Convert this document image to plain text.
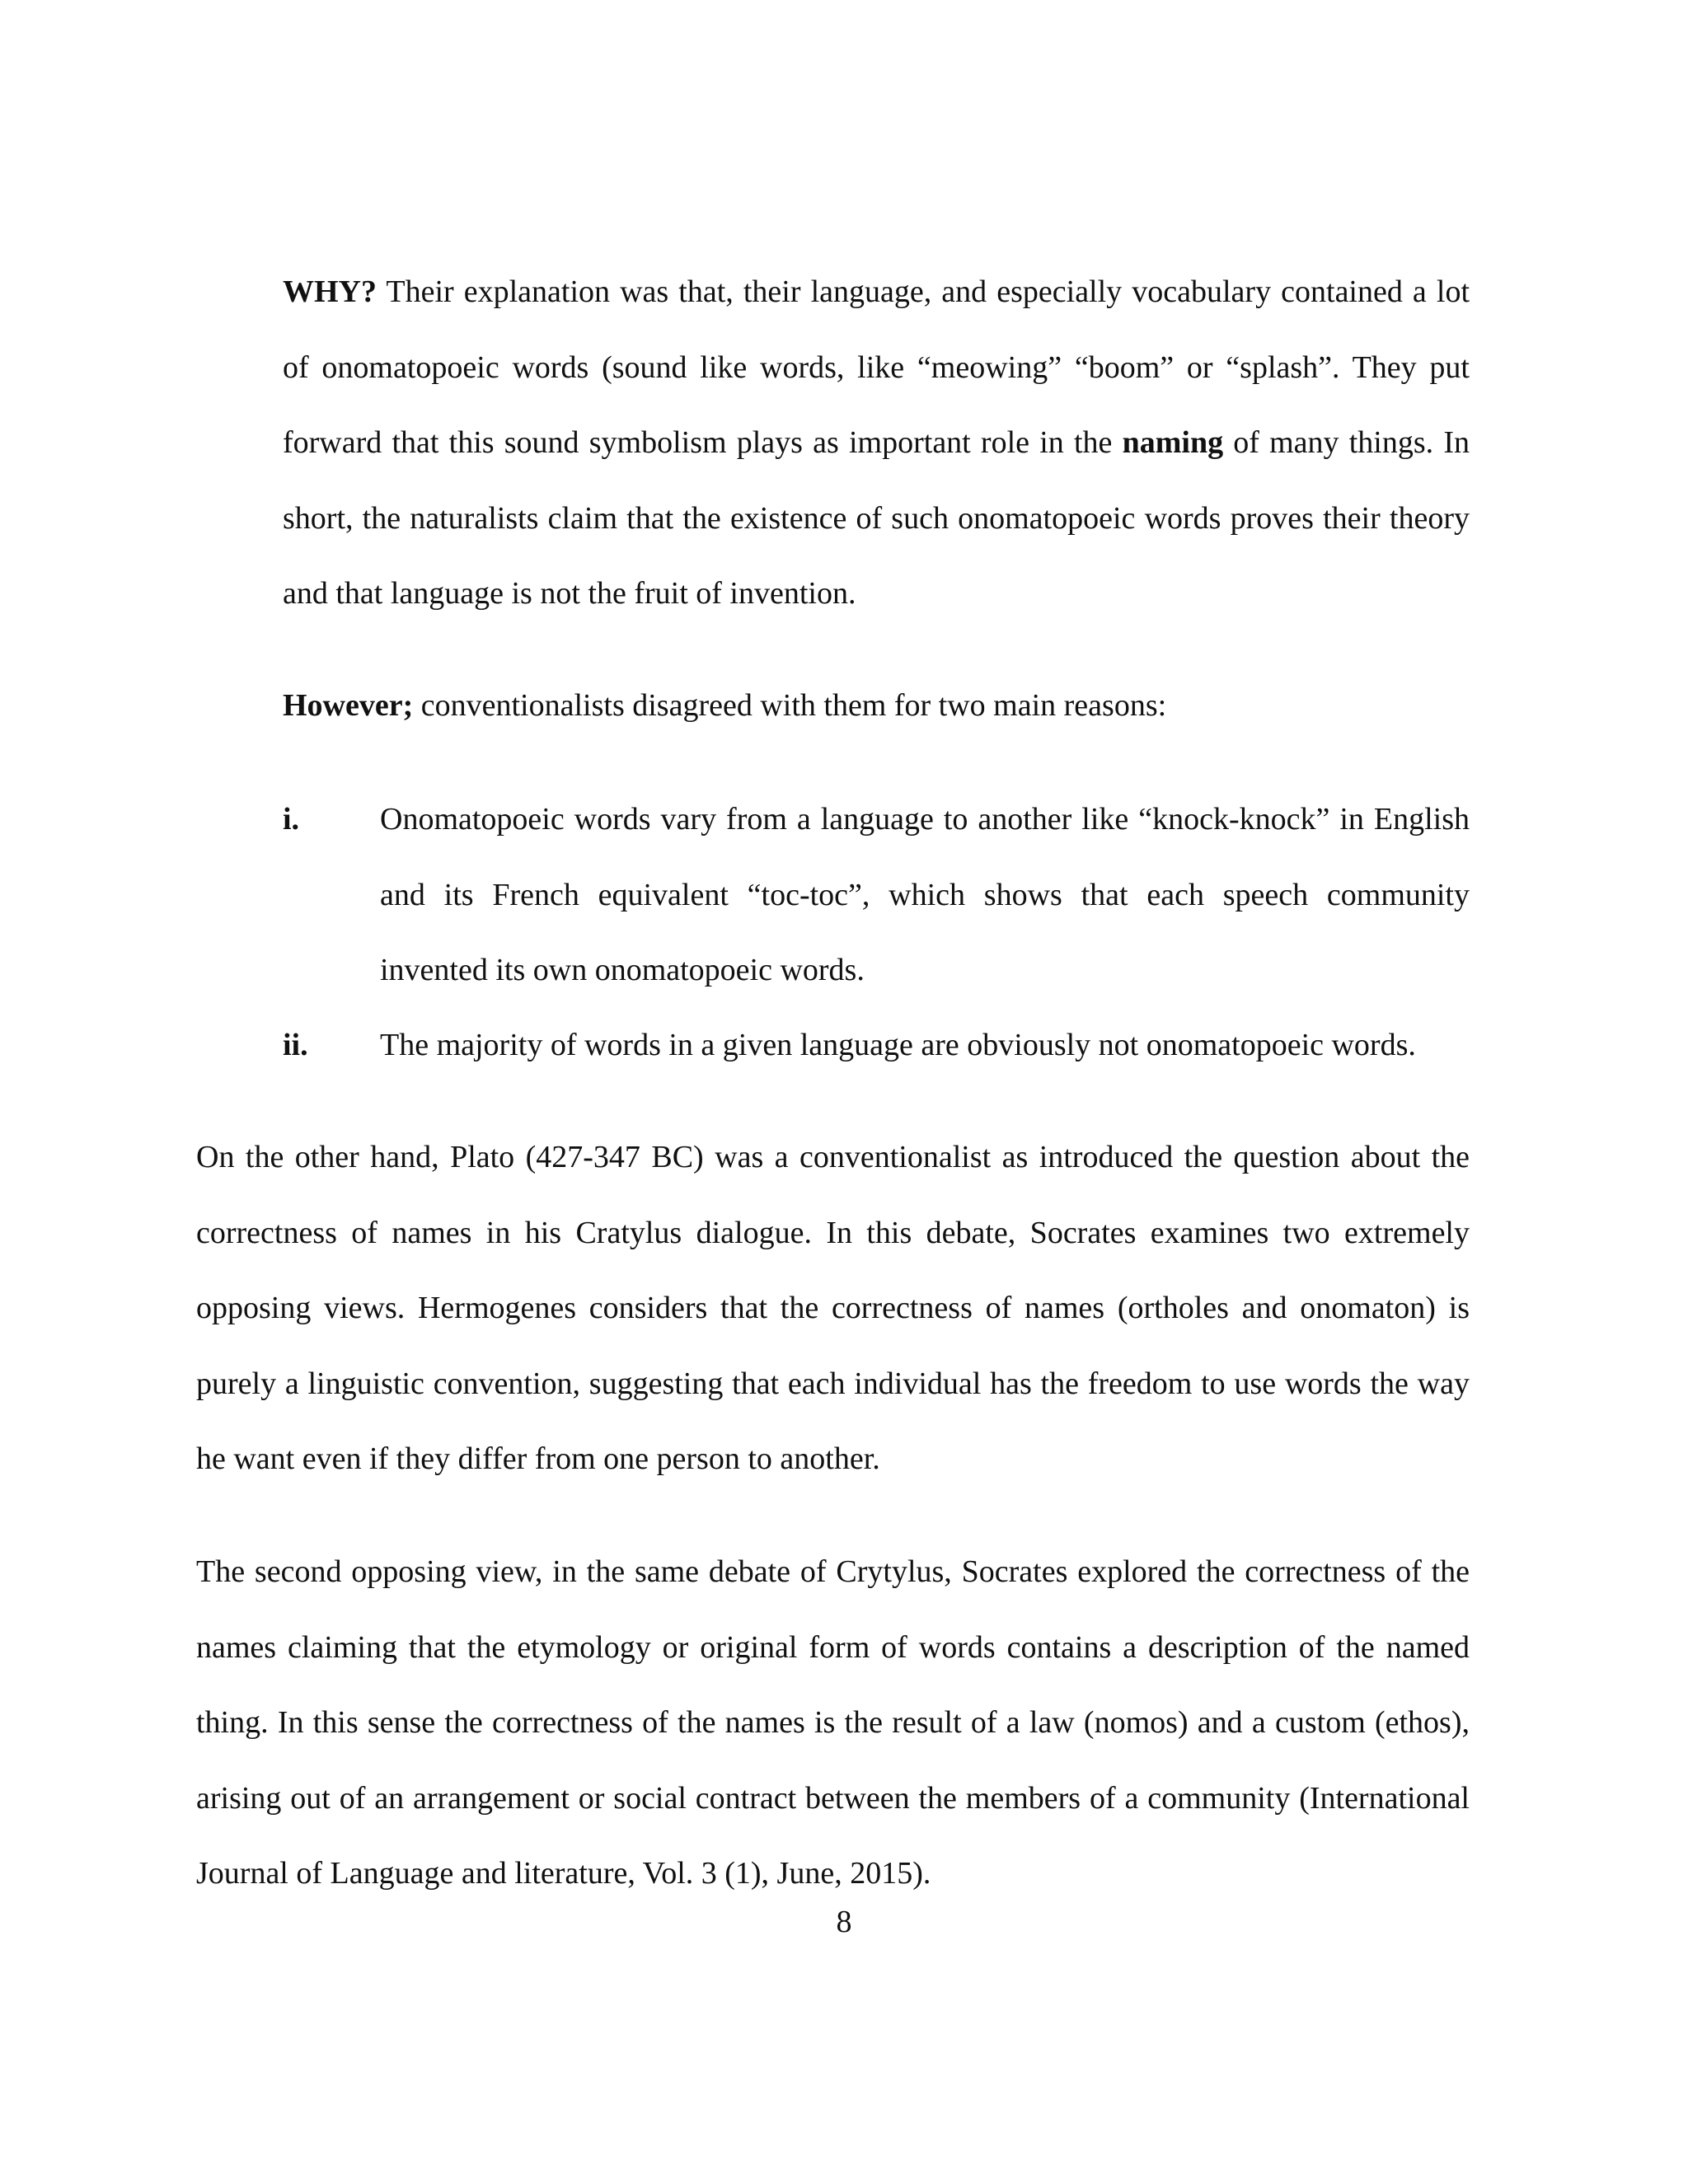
WHY? Their explanation was that, their language, and especially vocabulary contained a lot of onomatopoeic words (sound like words, like “meowing” “boom” or “splash”. They put forward that this sound symbolism plays as important role in the naming of many things. In short, the naturalists claim that the existence of such onomatopoeic words proves their theory and that language is not the fruit of invention.

However; conventionalists disagreed with them for two main reasons:

i.	Onomatopoeic words vary from a language to another like “knock-knock” in English and its French equivalent “toc-toc”, which shows that each speech community invented its own onomatopoeic words.
ii. The majority of words in a given language are obviously not onomatopoeic words.

On the other hand, Plato (427-347 BC) was a conventionalist as introduced the question about the correctness of names in his Cratylus dialogue. In this debate, Socrates examines two extremely opposing views. Hermogenes considers that the correctness of names (ortholes and onomaton) is purely a linguistic convention, suggesting that each individual has the freedom to use words the way he want even if they differ from one person to another.

The second opposing view, in the same debate of Crytylus, Socrates explored the correctness of the names claiming that the etymology or original form of words contains a description of the named thing. In this sense the correctness of the names is the result of a law (nomos) and a custom (ethos), arising out of an arrangement or social contract between the members of a community (International Journal of Language and literature, Vol. 3 (1), June, 2015).

8
